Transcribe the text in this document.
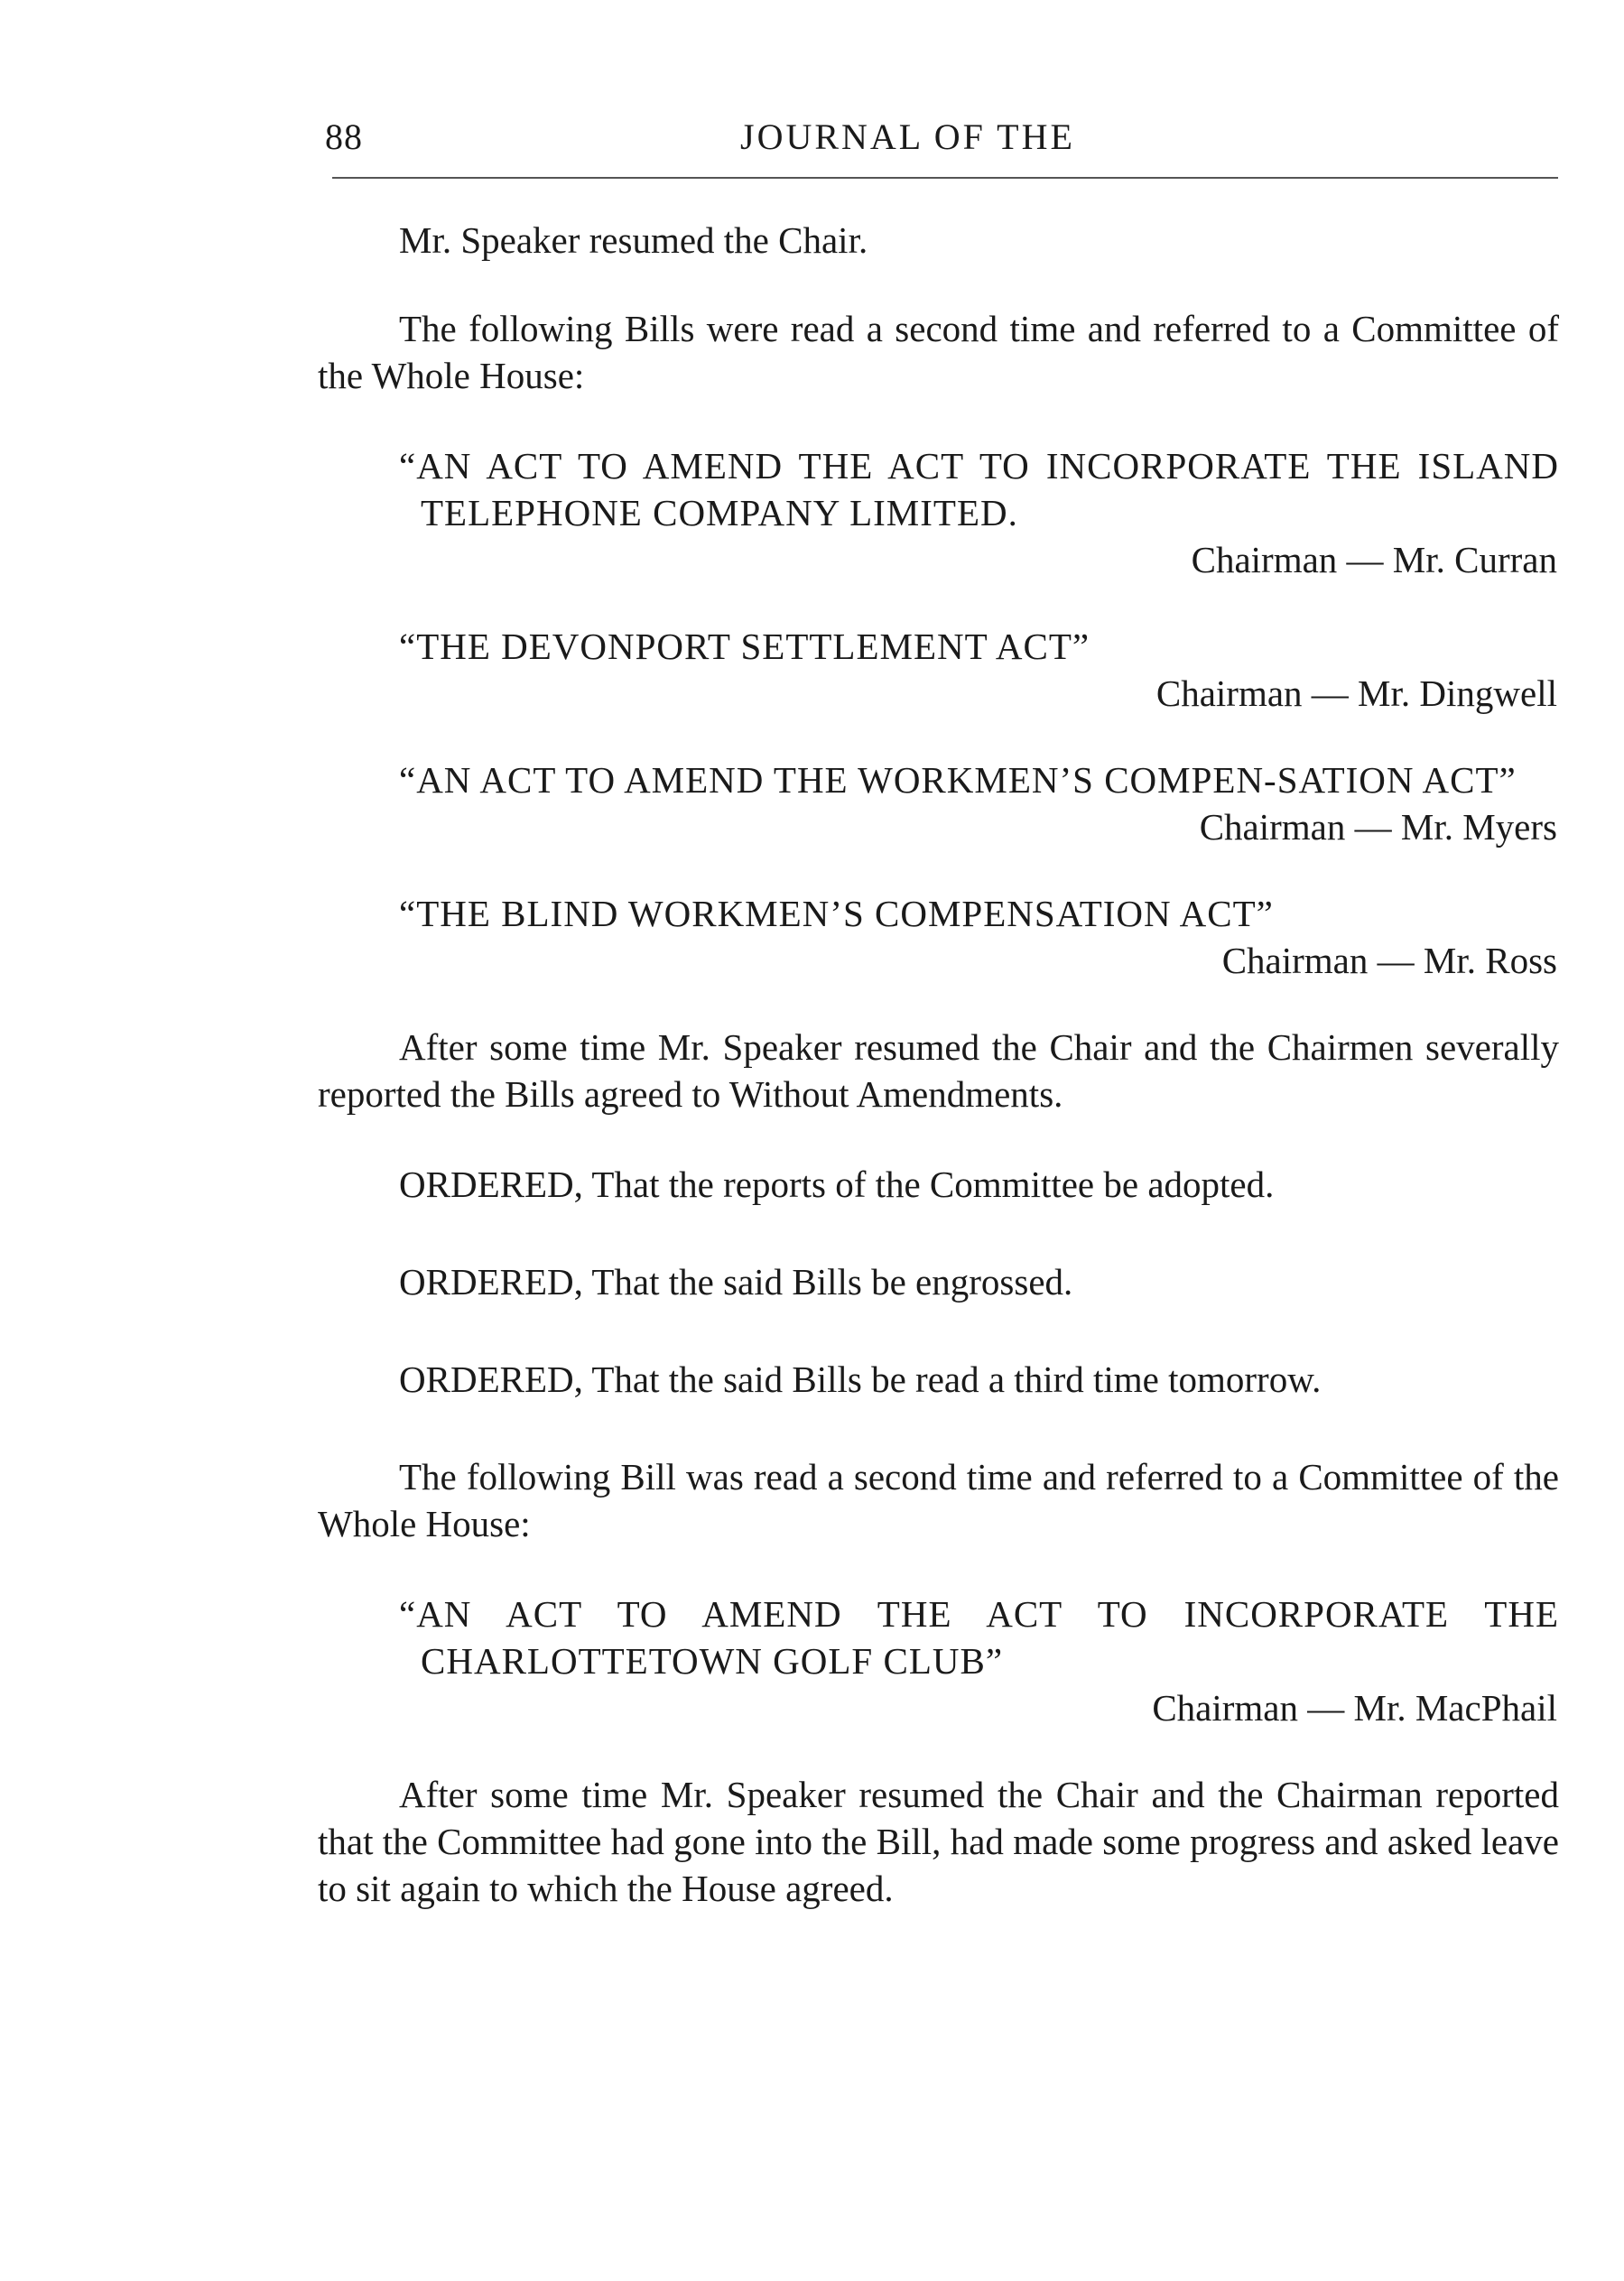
88	JOURNAL OF THE

Mr. Speaker resumed the Chair.

The following Bills were read a second time and referred to a Committee of the Whole House:

“AN ACT TO AMEND THE ACT TO INCORPORATE THE ISLAND TELEPHONE COMPANY LIMITED.

Chairman — Mr. Curran

“THE DEVONPORT SETTLEMENT ACT”

Chairman — Mr. Dingwell

“AN ACT TO AMEND THE WORKMEN’S COMPEN-SATION ACT”

Chairman — Mr. Myers

“THE BLIND WORKMEN’S COMPENSATION ACT”

Chairman — Mr. Ross

After some time Mr. Speaker resumed the Chair and the Chairmen severally reported the Bills agreed to Without Amendments.

ORDERED, That the reports of the Committee be adopted.

ORDERED, That the said Bills be engrossed.

ORDERED, That the said Bills be read a third time tomorrow.

The following Bill was read a second time and referred to a Committee of the Whole House:

“AN ACT TO AMEND THE ACT TO INCORPORATE THE CHARLOTTETOWN GOLF CLUB”

Chairman — Mr. MacPhail

After some time Mr. Speaker resumed the Chair and the Chairman reported that the Committee had gone into the Bill, had made some progress and asked leave to sit again to which the House agreed.
